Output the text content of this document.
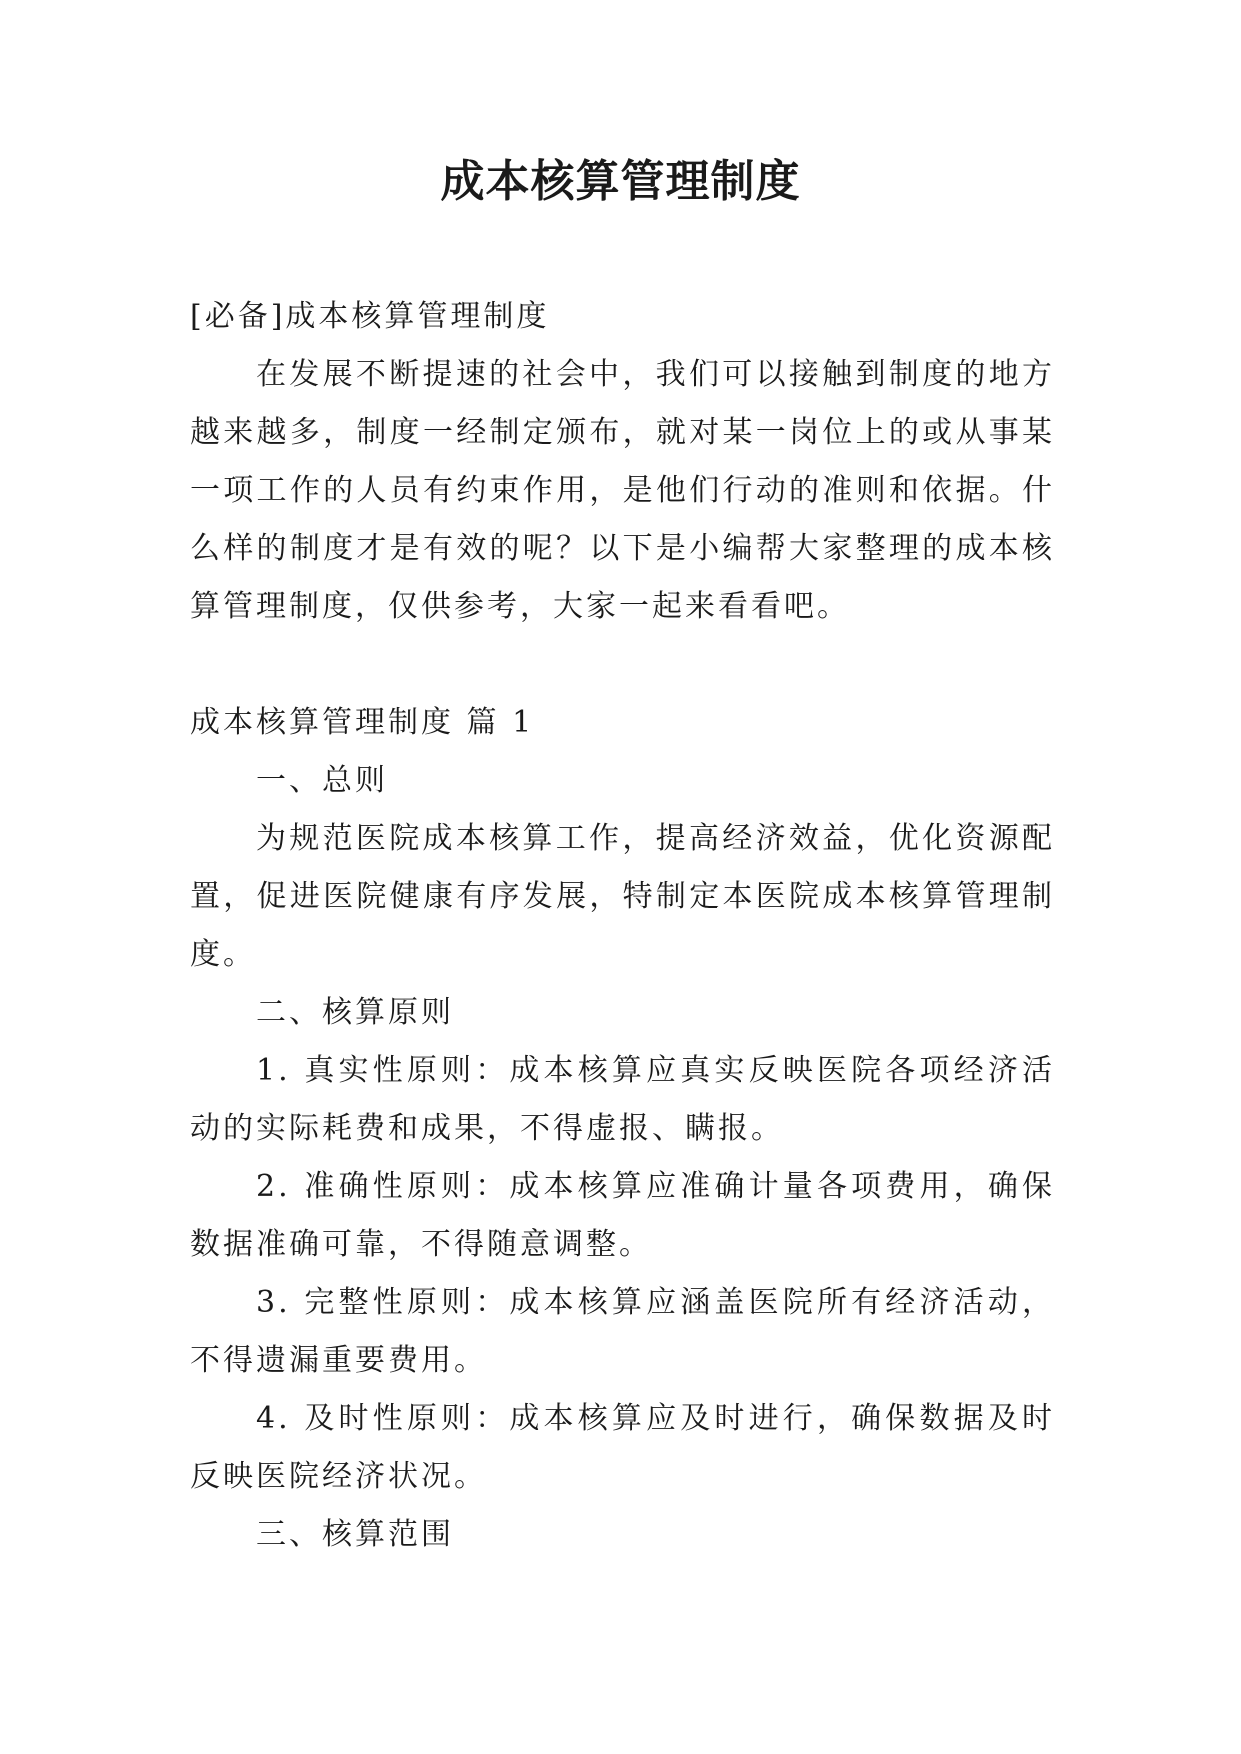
成本核算管理制度

[必备]成本核算管理制度

在发展不断提速的社会中，我们可以接触到制度的地方越来越多，制度一经制定颁布，就对某一岗位上的或从事某一项工作的人员有约束作用，是他们行动的准则和依据。什么样的制度才是有效的呢？以下是小编帮大家整理的成本核算管理制度，仅供参考，大家一起来看看吧。

成本核算管理制度 篇 1

一、总则

为规范医院成本核算工作，提高经济效益，优化资源配置，促进医院健康有序发展，特制定本医院成本核算管理制度。

二、核算原则

1. 真实性原则：成本核算应真实反映医院各项经济活动的实际耗费和成果，不得虚报、瞒报。

2. 准确性原则：成本核算应准确计量各项费用，确保数据准确可靠，不得随意调整。

3. 完整性原则：成本核算应涵盖医院所有经济活动，不得遗漏重要费用。

4. 及时性原则：成本核算应及时进行，确保数据及时反映医院经济状况。

三、核算范围
